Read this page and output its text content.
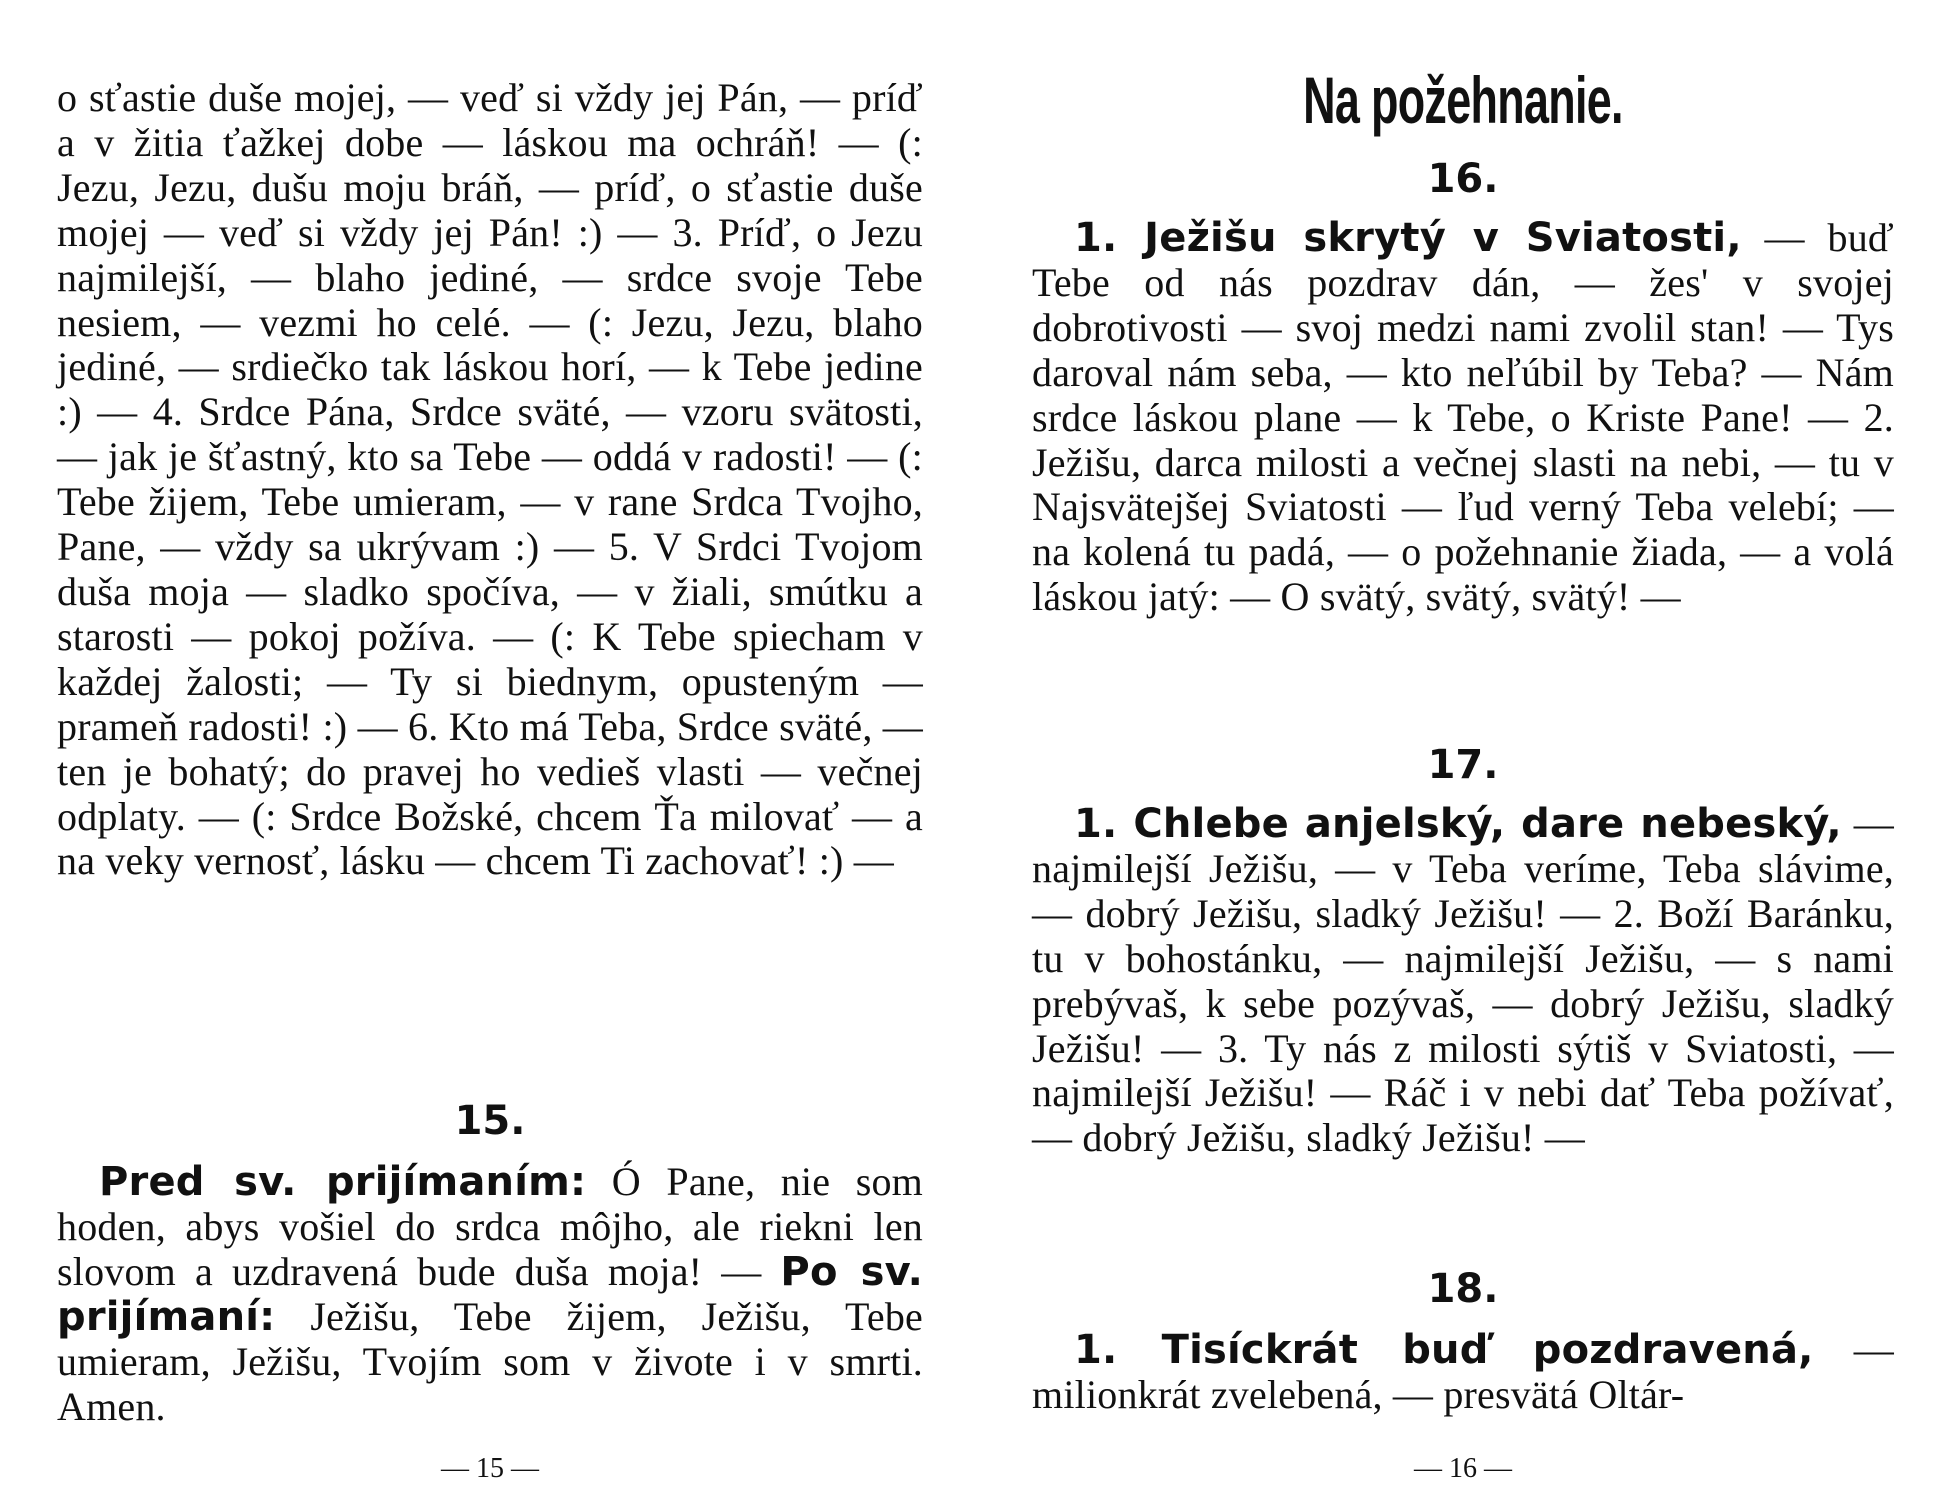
o sťastie duše mojej, — veď si vždy jej Pán, — príď a v žitia ťažkej dobe — láskou ma ochráň! — (: Jezu, Jezu, dušu moju bráň, — príď, o sťastie duše mojej — veď si vždy jej Pán! :) — 3. Príď, o Jezu najmilejší, — blaho jediné, — srdce svoje Tebe nesiem, — vezmi ho celé. — (: Jezu, Jezu, blaho jediné, — srdiečko tak láskou horí, — k Tebe jedine :) — 4. Srdce Pána, Srdce sväté, — vzoru svätosti, — jak je šťastný, kto sa Tebe — oddá v radosti! — (: Tebe žijem, Tebe umieram, — v rane Srdca Tvojho, Pane, — vždy sa ukrývam :) — 5. V Srdci Tvojom duša moja — sladko spočíva, — v žiali, smútku a starosti — pokoj požíva. — (: K Tebe spiecham v každej žalosti; — Ty si biednym, opusteným — prameň radosti! :) — 6. Kto má Teba, Srdce sväté, — ten je bohatý; do pravej ho vedieš vlasti — večnej odplaty. — (: Srdce Božské, chcem Ťa milovať — a na veky vernosť, lásku — chcem Ti zachovať! :) —

15.

Pred sv. prijímaním: Ó Pane, nie som hoden, abys vošiel do srdca môjho, ale riekni len slovom a uzdravená bude duša moja! — Po sv. prijímaní: Ježišu, Tebe žijem, Ježišu, Tebe umieram, Ježišu, Tvojím som v živote i v smrti. Amen.

— 15 —

Na požehnanie.

16.

1. Ježišu skrytý v Sviatosti, — buď Tebe od nás pozdrav dán, — žes' v svojej dobrotivosti — svoj medzi nami zvolil stan! — Tys daroval nám seba, — kto neľúbil by Teba? — Nám srdce láskou plane — k Tebe, o Kriste Pane! — 2. Ježišu, darca milosti a večnej slasti na nebi, — tu v Najsvätejšej Sviatosti — ľud verný Teba velebí; — na kolená tu padá, — o požehnanie žiada, — a volá láskou jatý: — O svätý, svätý, svätý! —

17.

1. Chlebe anjelský, dare nebeský, — najmilejší Ježišu, — v Teba veríme, Teba slávime, — dobrý Ježišu, sladký Ježišu! — 2. Boží Baránku, tu v bohostánku, — najmilejší Ježišu, — s nami prebývaš, k sebe pozývaš, — dobrý Ježišu, sladký Ježišu! — 3. Ty nás z milosti sýtiš v Sviatosti, — najmilejší Ježišu! — Ráč i v nebi dať Teba požívať, — dobrý Ježišu, sladký Ježišu! —

18.

1. Tisíckrát buď pozdravená, — milionkrát zvelebená, — presvätá Oltár-

— 16 —
